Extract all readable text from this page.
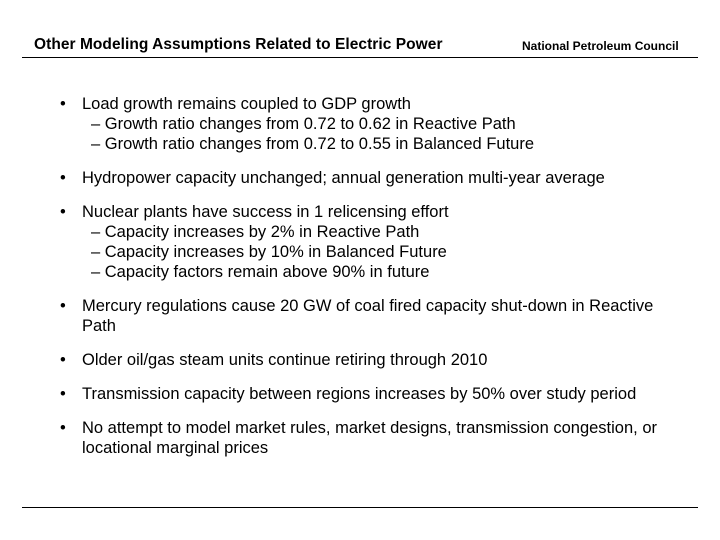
Other Modeling Assumptions Related to Electric Power	National Petroleum Council
• Load growth remains coupled to GDP growth
– Growth ratio changes from 0.72 to 0.62 in Reactive Path
– Growth ratio changes from 0.72 to 0.55 in Balanced Future
• Hydropower capacity unchanged; annual generation multi-year average
• Nuclear plants have success in 1 relicensing effort
– Capacity increases by 2% in Reactive Path
– Capacity increases by 10% in Balanced Future
– Capacity factors remain above 90% in future
• Mercury regulations cause 20 GW of coal fired capacity shut-down in Reactive Path
• Older oil/gas steam units continue retiring through 2010
• Transmission capacity between regions increases by 50% over study period
• No attempt to model market rules, market designs, transmission congestion, or locational marginal prices
